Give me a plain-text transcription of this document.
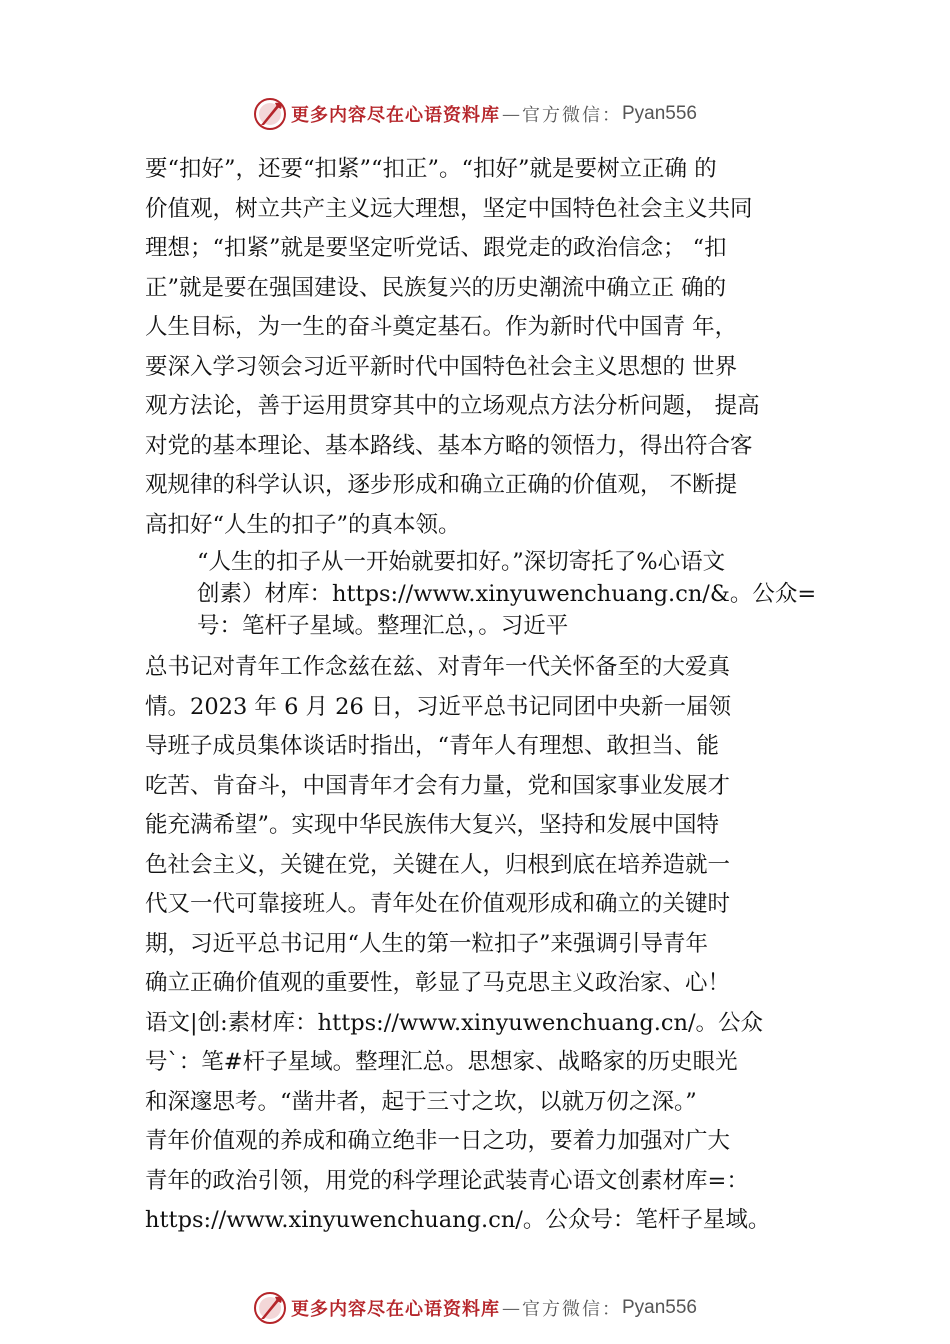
更多内容尽在心语资料库 — 官方微信： Pyan556
要“扣好”，还要“扣紧”“扣正”。“扣好”就是要树立正确 的
价值观，树立共产主义远大理想，坚定中国特色社会主义共同
理想；“扣紧”就是要坚定听党话、跟党走的政治信念； “扣
正”就是要在强国建设、民族复兴的历史潮流中确立正 确的
人生目标，为一生的奋斗奠定基石。作为新时代中国青 年，
要深入学习领会习近平新时代中国特色社会主义思想的 世界
观方法论，善于运用贯穿其中的立场观点方法分析问题， 提高
对党的基本理论、基本路线、基本方略的领悟力，得出符合客
观规律的科学认识，逐步形成和确立正确的价值观， 不断提
高扣好“人生的扣子”的真本领。
“人生的扣子从一开始就要扣好。”深切寄托了%心语文
创素）材库：https://www.xinyuwenchuang.cn/&。公众=
号：笔杆子星域。整理汇总，。习近平
总书记对青年工作念兹在兹、对青年一代关怀备至的大爱真
情。2023 年 6 月 26 日，习近平总书记同团中央新一届领
导班子成员集体谈话时指出，“青年人有理想、敢担当、能
吃苦、肯奋斗，中国青年才会有力量，党和国家事业发展才
能充满希望”。实现中华民族伟大复兴，坚持和发展中国特
色社会主义，关键在党，关键在人，归根到底在培养造就一
代又一代可靠接班人。青年处在价值观形成和确立的关键时
期，习近平总书记用“人生的第一粒扣子”来强调引导青年
确立正确价值观的重要性，彰显了马克思主义政治家、心！
语文|创:素材库：https://www.xinyuwenchuang.cn/。公众
号`：笔#杆子星域。整理汇总。思想家、战略家的历史眼光
和深邃思考。“凿井者，起于三寸之坎，以就万仞之深。”
青年价值观的养成和确立绝非一日之功，要着力加强对广大
青年的政治引领，用党的科学理论武装青心语文创素材库=：
https://www.xinyuwenchuang.cn/。公众号：笔杆子星域。
更多内容尽在心语资料库 — 官方微信： Pyan556
